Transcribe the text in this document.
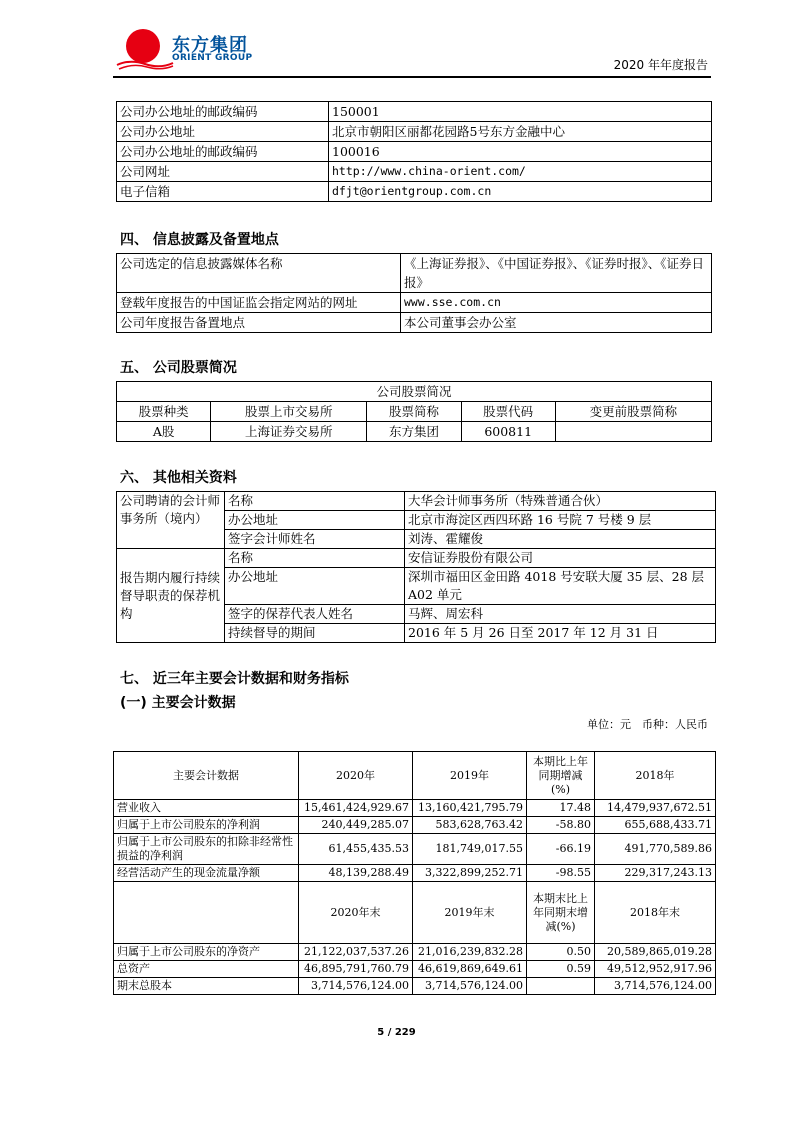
东方集团
ORIENT GROUP	2020 年年度报告
公司办公地址的邮政编码	150001
公司办公地址	北京市朝阳区丽都花园路5号东方金融中心
公司办公地址的邮政编码	100016
公司网址	http://www.china-orient.com/
电子信箱	dfjt@orientgroup.com.cn
四、 信息披露及备置地点
公司选定的信息披露媒体名称	《上海证券报》、《中国证券报》、《证券时报》、《证券日报》
登载年度报告的中国证监会指定网站的网址	www.sse.com.cn
公司年度报告备置地点	本公司董事会办公室
五、 公司股票简况
公司股票简况				
股票种类	股票上市交易所	股票简称	股票代码	变更前股票简称
A股	上海证券交易所	东方集团	600811	
六、 其他相关资料
公司聘请的会计师事务所（境内）	名称	大华会计师事务所（特殊普通合伙）
	办公地址	北京市海淀区西四环路 16 号院 7 号楼 9 层
	签字会计师姓名	刘涛、霍耀俊
报告期内履行持续督导职责的保荐机构	名称	安信证券股份有限公司
	办公地址	深圳市福田区金田路 4018 号安联大厦 35 层、28 层 A02 单元
	签字的保荐代表人姓名	马辉、周宏科
	持续督导的期间	2016 年 5 月 26 日至 2017 年 12 月 31 日
七、 近三年主要会计数据和财务指标
(一) 主要会计数据
单位：元　币种：人民币
主要会计数据	2020年	2019年	本期比上年同期增减(%)	2018年
营业收入	15,461,424,929.67	13,160,421,795.79	17.48	14,479,937,672.51
归属于上市公司股东的净利润	240,449,285.07	583,628,763.42	-58.80	655,688,433.71
归属于上市公司股东的扣除非经常性损益的净利润	61,455,435.53	181,749,017.55	-66.19	491,770,589.86
经营活动产生的现金流量净额	48,139,288.49	3,322,899,252.71	-98.55	229,317,243.13
	2020年末	2019年末	本期末比上年同期末增减(%)	2018年末
归属于上市公司股东的净资产	21,122,037,537.26	21,016,239,832.28	0.50	20,589,865,019.28
总资产	46,895,791,760.79	46,619,869,649.61	0.59	49,512,952,917.96
期末总股本	3,714,576,124.00	3,714,576,124.00		3,714,576,124.00
5 / 229
